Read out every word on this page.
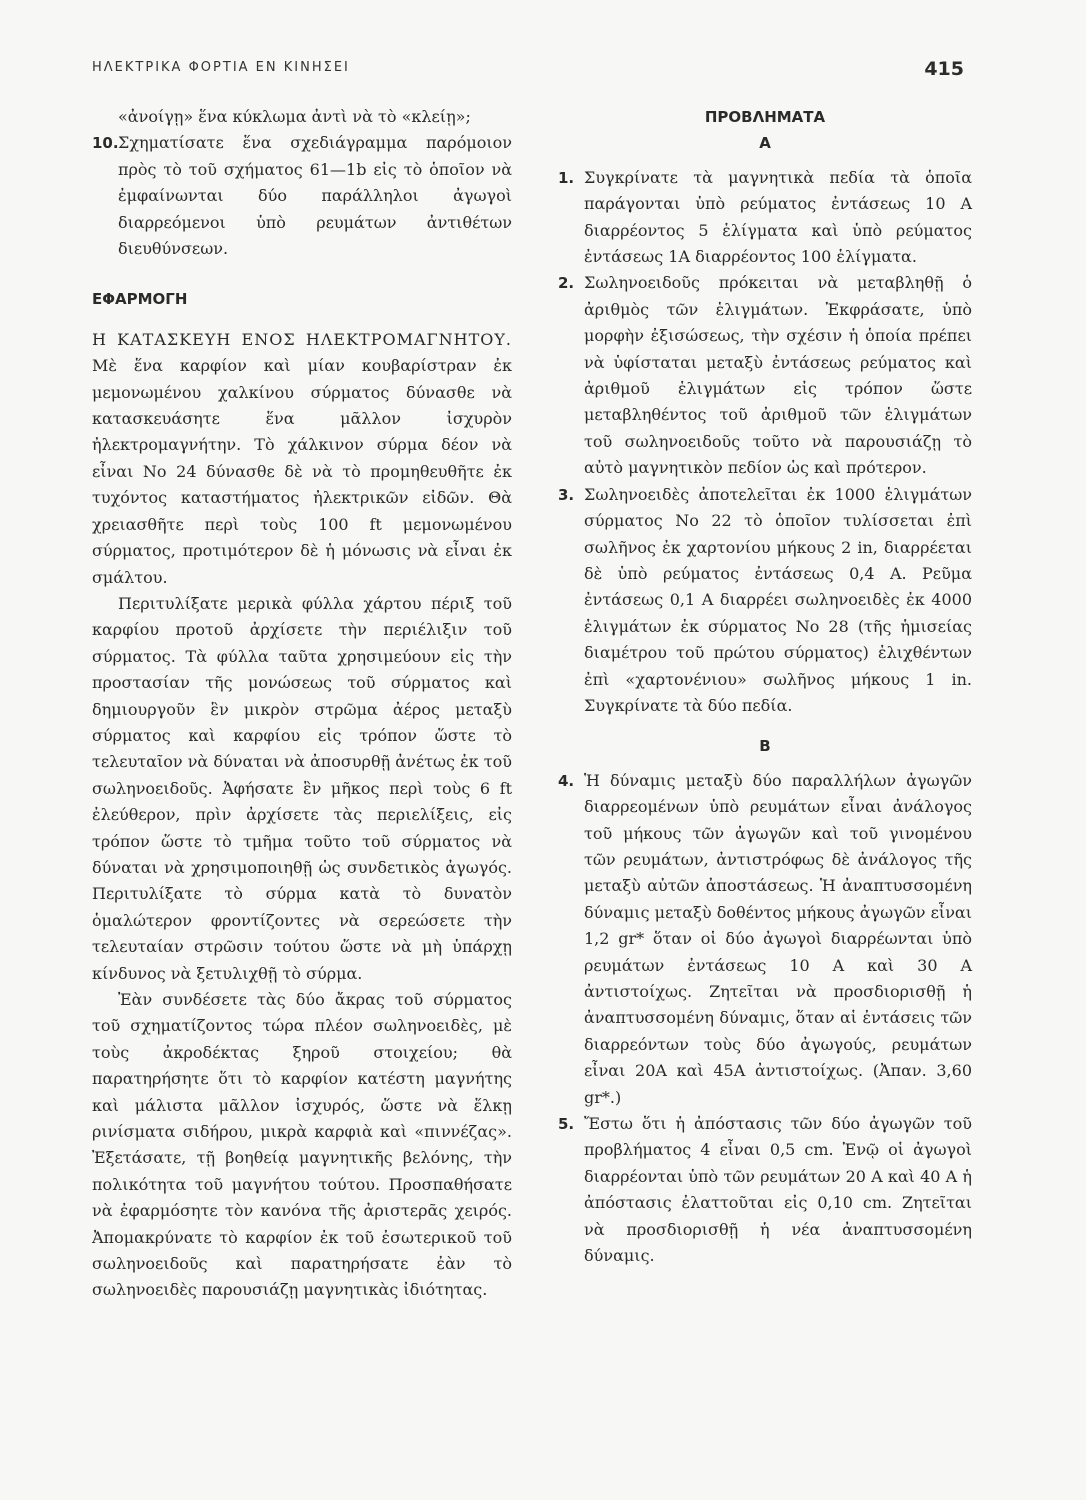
ΗΛΕΚΤΡΙΚΑ ΦΟΡΤΙΑ ΕΝ ΚΙΝΗΣΕΙ	415

«ἀνοίγῃ» ἕνα κύκλωμα ἀντὶ νὰ τὸ «κλείῃ»;

10. Σχηματίσατε ἕνα σχεδιάγραμμα παρόμοιον πρὸς τὸ τοῦ σχήματος 61—1b εἰς τὸ ὁποῖον νὰ ἐμφαίνωνται δύο παράλληλοι ἀγωγοὶ διαρρεόμενοι ὑπὸ ρευμάτων ἀντιθέτων διευθύνσεων.
ΕΦΑΡΜΟΓΗ

Η ΚΑΤΑΣΚΕΥΗ ΕΝΟΣ ΗΛΕΚΤΡΟΜΑΓΝΗΤΟΥ. Μὲ ἕνα καρφίον καὶ μίαν κουβαρίστραν ἐκ μεμονωμένου χαλκίνου σύρματος δύνασθε νὰ κατασκευάσητε ἕνα μᾶλλον ἰσχυρὸν ἠλεκτρομαγνήτην. Τὸ χάλκινον σύρμα δέον νὰ εἶναι Νο 24 δύνασθε δὲ νὰ τὸ προμηθευθῆτε ἐκ τυχόντος καταστήματος ἠλεκτρικῶν εἰδῶν. Θὰ χρειασθῆτε περὶ τοὺς 100 ft μεμονωμένου σύρματος, προτιμότερον δὲ ἡ μόνωσις νὰ εἶναι ἐκ σμάλτου.

Περιτυλίξατε μερικὰ φύλλα χάρτου πέριξ τοῦ καρφίου προτοῦ ἀρχίσετε τὴν περιέλιξιν τοῦ σύρματος. Τὰ φύλλα ταῦτα χρησιμεύουν εἰς τὴν προστασίαν τῆς μονώσεως τοῦ σύρματος καὶ δημιουργοῦν ἓν μικρὸν στρῶμα ἀέρος μεταξὺ σύρματος καὶ καρφίου εἰς τρόπον ὥστε τὸ τελευταῖον νὰ δύναται νὰ ἀποσυρθῇ ἀνέτως ἐκ τοῦ σωληνοειδοῦς. Ἀφήσατε ἓν μῆκος περὶ τοὺς 6 ft ἐλεύθερον, πρὶν ἀρχίσετε τὰς περιελίξεις, εἰς τρόπον ὥστε τὸ τμῆμα τοῦτο τοῦ σύρματος νὰ δύναται νὰ χρησιμοποιηθῇ ὡς συνδετικὸς ἀγωγός. Περιτυλίξατε τὸ σύρμα κατὰ τὸ δυνατὸν ὁμαλώτερον φροντίζοντες νὰ σερεώσετε τὴν τελευταίαν στρῶσιν τούτου ὥστε νὰ μὴ ὑπάρχῃ κίνδυνος νὰ ξετυλιχθῇ τὸ σύρμα.

Ἐὰν συνδέσετε τὰς δύο ἄκρας τοῦ σύρματος τοῦ σχηματίζοντος τώρα πλέον σωληνοειδὲς, μὲ τοὺς ἀκροδέκτας ξηροῦ στοιχείου; θὰ παρατηρήσητε ὅτι τὸ καρφίον κατέστη μαγνήτης καὶ μάλιστα μᾶλλον ἰσχυρός, ὥστε νὰ ἕλκῃ ρινίσματα σιδήρου, μικρὰ καρφιὰ καὶ «πιννέζας». Ἐξετάσατε, τῇ βοηθείᾳ μαγνητικῆς βελόνης, τὴν πολικότητα τοῦ μαγνήτου τούτου. Προσπαθήσατε νὰ ἐφαρμόσητε τὸν κανόνα τῆς ἀριστερᾶς χειρός. Ἀπομακρύνατε τὸ καρφίον ἐκ τοῦ ἐσωτερικοῦ τοῦ σωληνοειδοῦς καὶ παρατηρήσατε ἐὰν τὸ σωληνοειδὲς παρουσιάζῃ μαγνητικὰς ἰδιότητας.

ΠΡΟΒΛΗΜΑΤΑ
Α
1. Συγκρίνατε τὰ μαγνητικὰ πεδία τὰ ὁποῖα παράγονται ὑπὸ ρεύματος ἐντάσεως 10 Α διαρρέοντος 5 ἑλίγματα καὶ ὑπὸ ρεύματος ἐντάσεως 1Α διαρρέοντος 100 ἑλίγματα.
2. Σωληνοειδοῦς πρόκειται νὰ μεταβληθῇ ὁ ἀριθμὸς τῶν ἑλιγμάτων. Ἐκφράσατε, ὑπὸ μορφὴν ἐξισώσεως, τὴν σχέσιν ἡ ὁποία πρέπει νὰ ὑφίσταται μεταξὺ ἐντάσεως ρεύματος καὶ ἀριθμοῦ ἑλιγμάτων εἰς τρόπον ὥστε μεταβληθέντος τοῦ ἀριθμοῦ τῶν ἑλιγμάτων τοῦ σωληνοειδοῦς τοῦτο νὰ παρουσιάζῃ τὸ αὐτὸ μαγνητικὸν πεδίον ὡς καὶ πρότερον.
3. Σωληνοειδὲς ἀποτελεῖται ἐκ 1000 ἑλιγμάτων σύρματος Νο 22 τὸ ὁποῖον τυλίσσεται ἐπὶ σωλῆνος ἐκ χαρτονίου μήκους 2 in, διαρρέεται δὲ ὑπὸ ρεύματος ἐντάσεως 0,4 Α. Ρεῦμα ἐντάσεως 0,1 Α διαρρέει σωληνοειδὲς ἐκ 4000 ἑλιγμάτων ἐκ σύρματος Νο 28 (τῆς ἡμισείας διαμέτρου τοῦ πρώτου σύρματος) ἑλιχθέντων ἐπὶ «χαρτονένιου» σωλῆνος μήκους 1 in. Συγκρίνατε τὰ δύο πεδία.
Β
4. Ἡ δύναμις μεταξὺ δύο παραλλήλων ἀγωγῶν διαρρεομένων ὑπὸ ρευμάτων εἶναι ἀνάλογος τοῦ μήκους τῶν ἀγωγῶν καὶ τοῦ γινομένου τῶν ρευμάτων, ἀντιστρόφως δὲ ἀνάλογος τῆς μεταξὺ αὐτῶν ἀποστάσεως. Ἡ ἀναπτυσσομένη δύναμις μεταξὺ δοθέντος μήκους ἀγωγῶν εἶναι 1,2 gr* ὅταν οἱ δύο ἀγωγοὶ διαρρέωνται ὑπὸ ρευμάτων ἐντάσεως 10 Α καὶ 30 Α ἀντιστοίχως. Ζητεῖται νὰ προσδιορισθῇ ἡ ἀναπτυσσομένη δύναμις, ὅταν αἱ ἐντάσεις τῶν διαρρεόντων τοὺς δύο ἀγωγούς, ρευμάτων εἶναι 20Α καὶ 45Α ἀντιστοίχως. (Ἀπαν. 3,60 gr*.)
5. Ἔστω ὅτι ἡ ἀπόστασις τῶν δύο ἀγωγῶν τοῦ προβλήματος 4 εἶναι 0,5 cm. Ἐνῷ οἱ ἀγωγοὶ διαρρέονται ὑπὸ τῶν ρευμάτων 20 Α καὶ 40 Α ἡ ἀπόστασις ἐλαττοῦται εἰς 0,10 cm. Ζητεῖται νὰ προσδιορισθῇ ἡ νέα ἀναπτυσσομένη δύναμις.
